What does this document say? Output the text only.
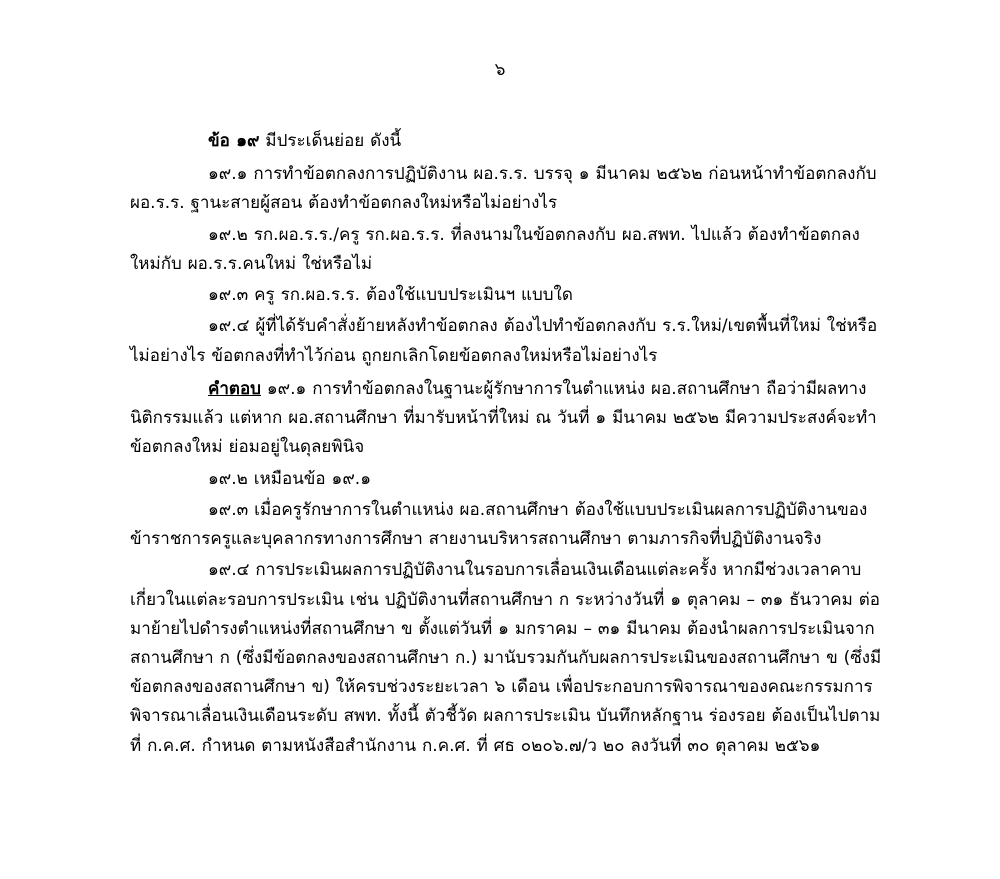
๖

ข้อ ๑๙ มีประเด็นย่อย ดังนี้

๑๙.๑ การทำข้อตกลงการปฏิบัติงาน ผอ.ร.ร. บรรจุ ๑ มีนาคม ๒๕๖๒ ก่อนหน้าทำข้อตกลงกับ ผอ.ร.ร. ฐานะสายผู้สอน ต้องทำข้อตกลงใหม่หรือไม่อย่างไร

๑๙.๒ รก.ผอ.ร.ร./ครู รก.ผอ.ร.ร. ที่ลงนามในข้อตกลงกับ ผอ.สพท. ไปแล้ว ต้องทำข้อตกลงใหม่กับ ผอ.ร.ร.คนใหม่ ใช่หรือไม่

๑๙.๓ ครู รก.ผอ.ร.ร. ต้องใช้แบบประเมินฯ แบบใด

๑๙.๔ ผู้ที่ได้รับคำสั่งย้ายหลังทำข้อตกลง ต้องไปทำข้อตกลงกับ ร.ร.ใหม่/เขตพื้นที่ใหม่ ใช่หรือไม่อย่างไร ข้อตกลงที่ทำไว้ก่อน ถูกยกเลิกโดยข้อตกลงใหม่หรือไม่อย่างไร

คำตอบ ๑๙.๑ การทำข้อตกลงในฐานะผู้รักษาการในตำแหน่ง ผอ.สถานศึกษา ถือว่ามีผลทางนิติกรรมแล้ว แต่หาก ผอ.สถานศึกษา ที่มารับหน้าที่ใหม่ ณ วันที่ ๑ มีนาคม ๒๕๖๒ มีความประสงค์จะทำข้อตกลงใหม่ ย่อมอยู่ในดุลยพินิจ

๑๙.๒ เหมือนข้อ ๑๙.๑

๑๙.๓ เมื่อครูรักษาการในตำแหน่ง ผอ.สถานศึกษา ต้องใช้แบบประเมินผลการปฏิบัติงานของข้าราชการครูและบุคลากรทางการศึกษา สายงานบริหารสถานศึกษา ตามภารกิจที่ปฏิบัติงานจริง

๑๙.๔ การประเมินผลการปฏิบัติงานในรอบการเลื่อนเงินเดือนแต่ละครั้ง หากมีช่วงเวลาคาบเกี่ยวในแต่ละรอบการประเมิน เช่น ปฏิบัติงานที่สถานศึกษา ก ระหว่างวันที่ ๑ ตุลาคม – ๓๑ ธันวาคม ต่อมาย้ายไปดำรงตำแหน่งที่สถานศึกษา ข ตั้งแต่วันที่ ๑ มกราคม – ๓๑ มีนาคม ต้องนำผลการประเมินจากสถานศึกษา ก (ซึ่งมีข้อตกลงของสถานศึกษา ก.) มานับรวมกันกับผลการประเมินของสถานศึกษา ข (ซึ่งมีข้อตกลงของสถานศึกษา ข) ให้ครบช่วงระยะเวลา ๖ เดือน เพื่อประกอบการพิจารณาของคณะกรรมการพิจารณาเลื่อนเงินเดือนระดับ สพท. ทั้งนี้ ตัวชี้วัด ผลการประเมิน บันทึกหลักฐาน ร่องรอย ต้องเป็นไปตามที่ ก.ค.ศ. กำหนด ตามหนังสือสำนักงาน ก.ค.ศ. ที่ ศธ ๐๒๐๖.๗/ว ๒๐ ลงวันที่ ๓๐ ตุลาคม ๒๕๖๑
